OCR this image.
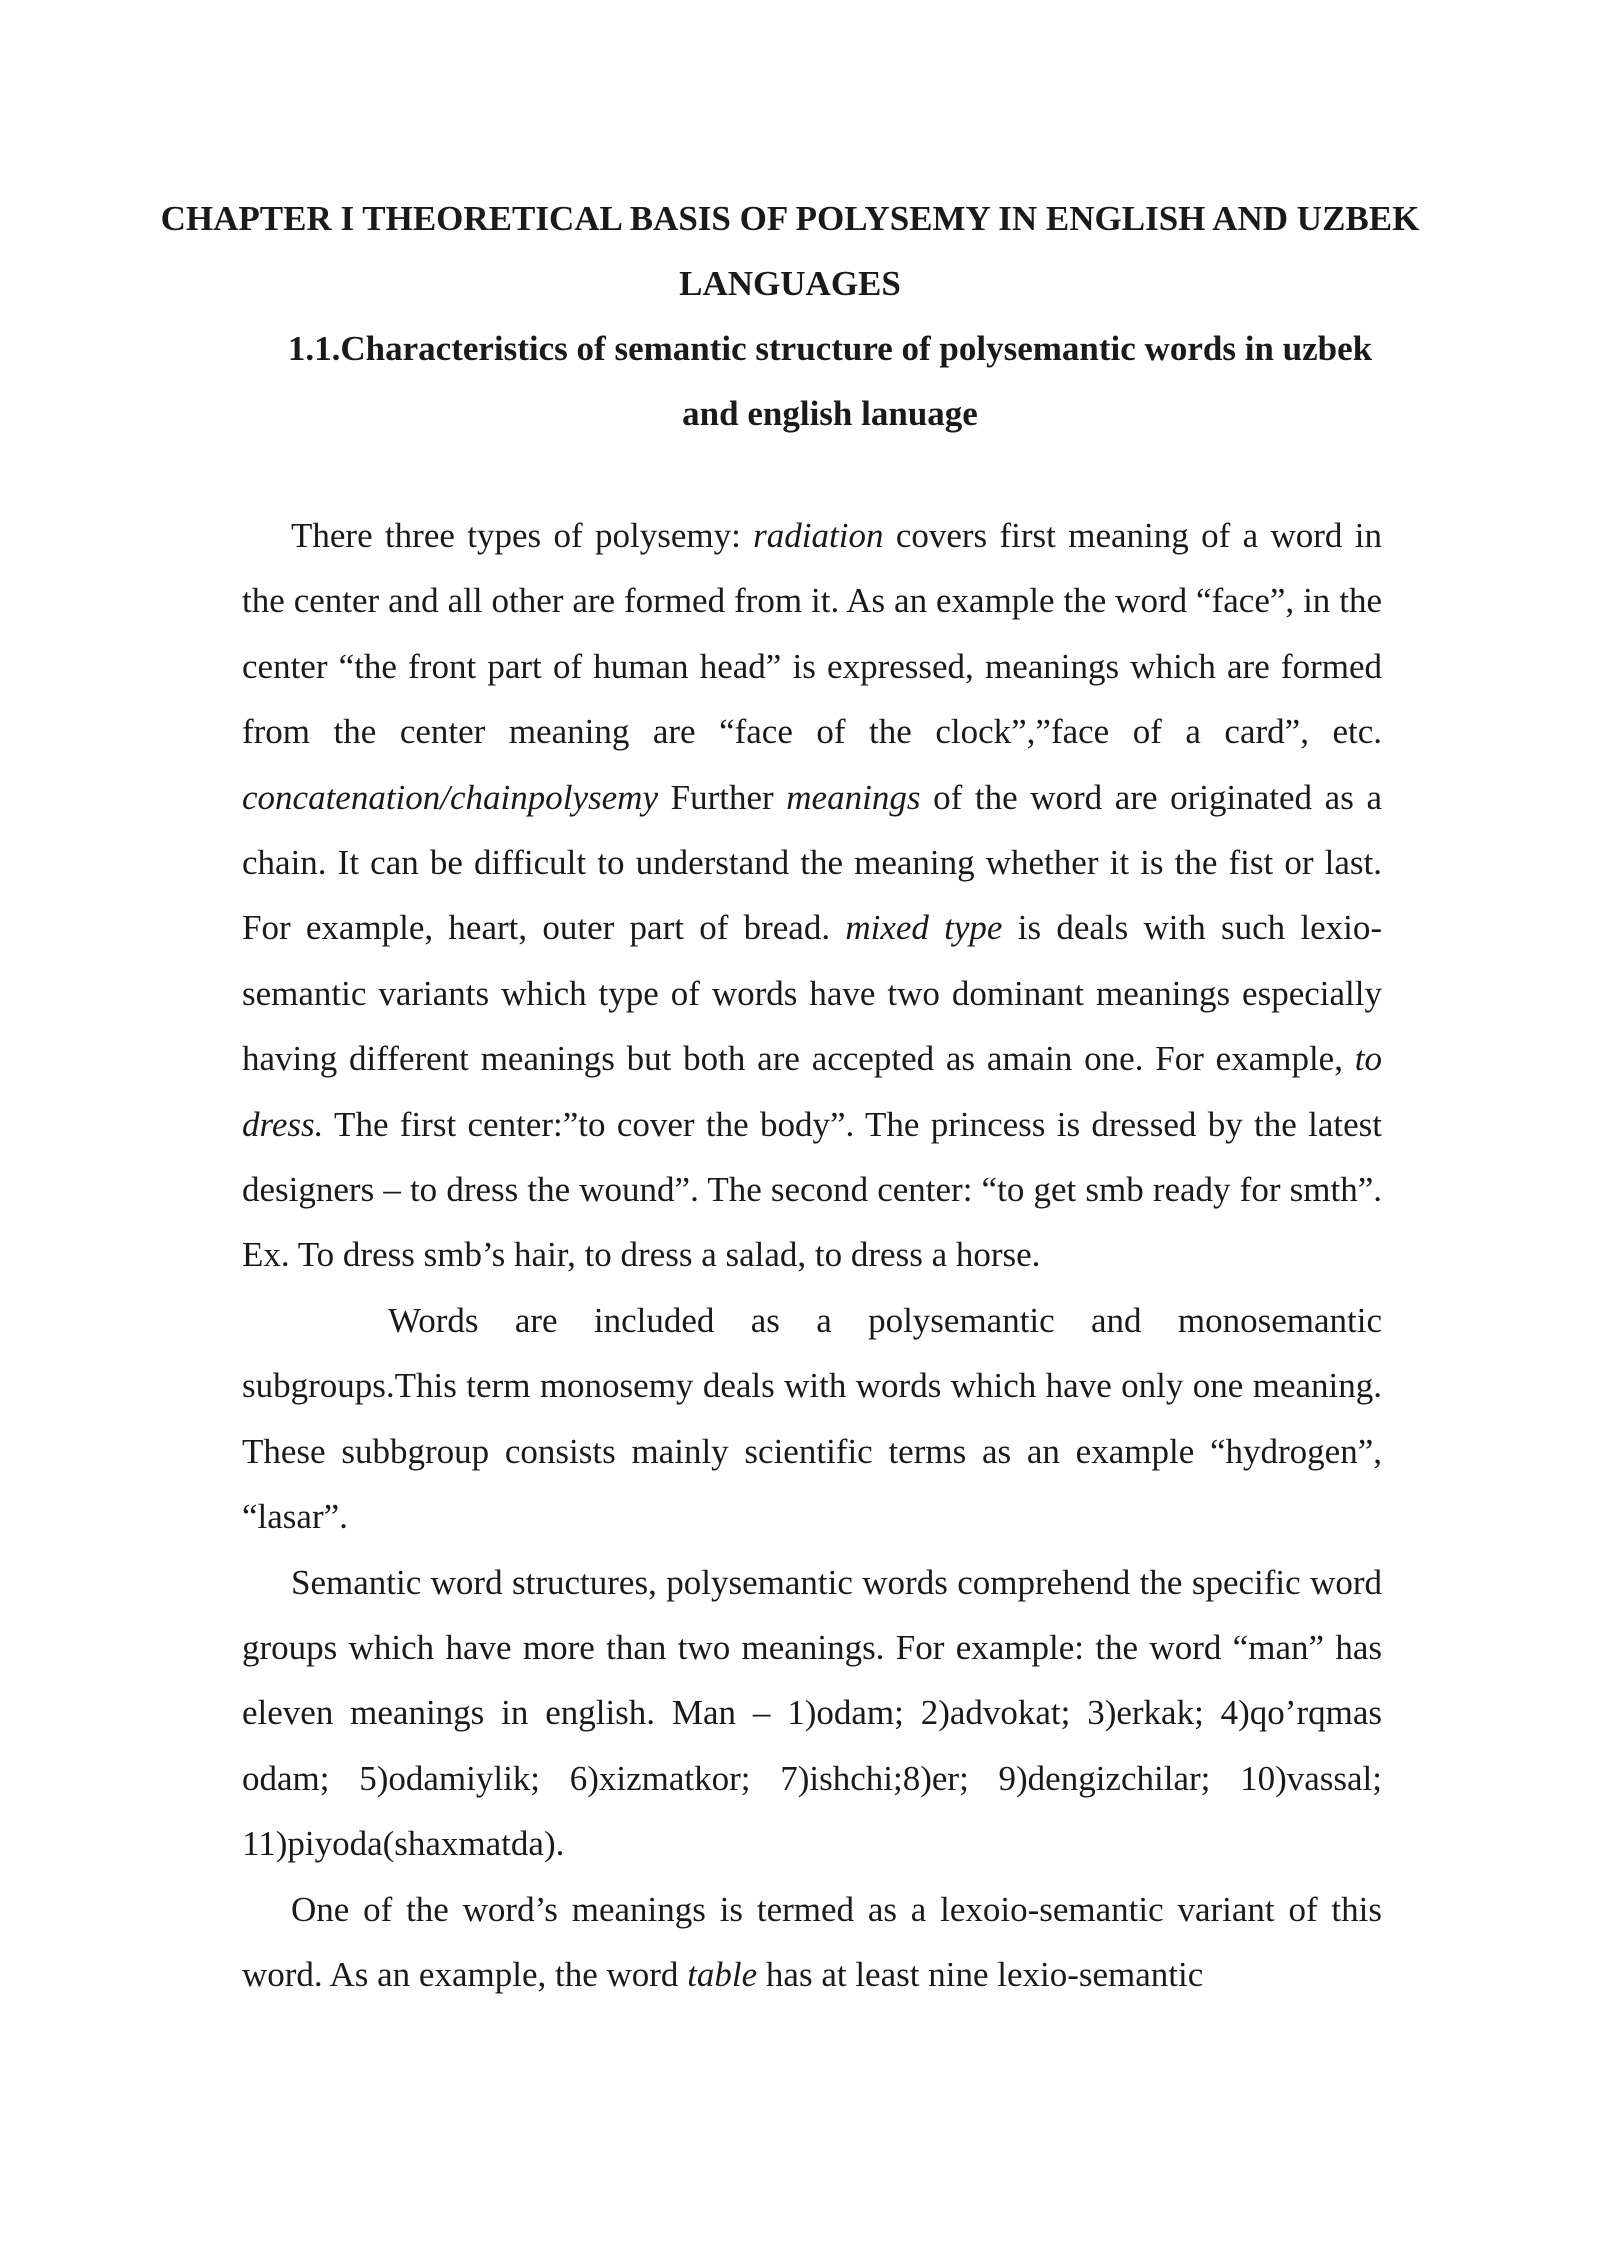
CHAPTER I THEORETICAL BASIS OF POLYSEMY IN ENGLISH AND UZBEK LANGUAGES
1.1.Characteristics of semantic structure of polysemantic words in uzbek and english lanuage

There three types of polysemy: radiation covers first meaning of a word in the center and all other are formed from it. As an example the word “face”, in the center “the front part of human head” is expressed, meanings which are formed from the center meaning are “face of the clock”,”face of a card”, etc. concatenation/chainpolysemy Further meanings of the word are originated as a chain. It can be difficult to understand the meaning whether it is the fist or last. For example, heart, outer part of bread. mixed type is deals with such lexio-semantic variants which type of words have two dominant meanings especially having different meanings but both are accepted as amain one. For example, to dress. The first center:”to cover the body”. The princess is dressed by the latest designers – to dress the wound”. The second center: “to get smb ready for smth”. Ex. To dress smb’s hair, to dress a salad, to dress a horse.

Words are included as a polysemantic and monosemantic subgroups.This term monosemy deals with words which have only one meaning. These subbgroup consists mainly scientific terms as an example “hydrogen”, “lasar”.

Semantic word structures, polysemantic words comprehend the specific word groups which have more than two meanings. For example: the word “man” has eleven meanings in english. Man – 1)odam; 2)advokat; 3)erkak; 4)qo’rqmas odam; 5)odamiylik; 6)xizmatkor; 7)ishchi;8)er; 9)dengizchilar; 10)vassal; 11)piyoda(shaxmatda).

One of the word’s meanings is termed as a lexoio-semantic variant of this word. As an example, the word table has at least nine lexio-semantic
